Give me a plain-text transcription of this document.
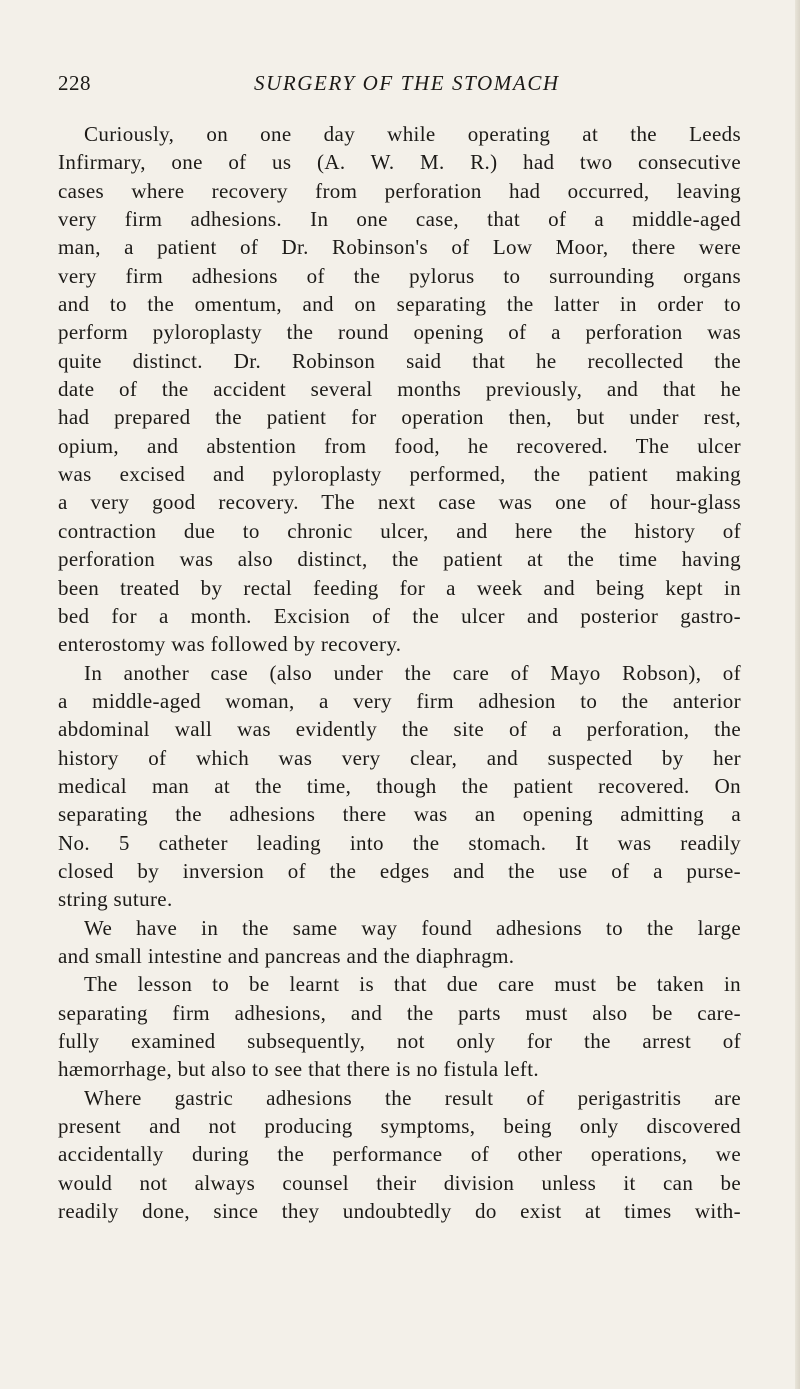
228	SURGERY OF THE STOMACH
Curiously, on one day while operating at the Leeds
Infirmary, one of us (A. W. M. R.) had two consecutive
cases where recovery from perforation had occurred, leaving
very firm adhesions. In one case, that of a middle-aged
man, a patient of Dr. Robinson's of Low Moor, there were
very firm adhesions of the pylorus to surrounding organs
and to the omentum, and on separating the latter in order to
perform pyloroplasty the round opening of a perforation was
quite distinct. Dr. Robinson said that he recollected the
date of the accident several months previously, and that he
had prepared the patient for operation then, but under rest,
opium, and abstention from food, he recovered. The ulcer
was excised and pyloroplasty performed, the patient making
a very good recovery. The next case was one of hour-glass
contraction due to chronic ulcer, and here the history of
perforation was also distinct, the patient at the time having
been treated by rectal feeding for a week and being kept in
bed for a month. Excision of the ulcer and posterior gastro-
enterostomy was followed by recovery.
In another case (also under the care of Mayo Robson), of
a middle-aged woman, a very firm adhesion to the anterior
abdominal wall was evidently the site of a perforation, the
history of which was very clear, and suspected by her
medical man at the time, though the patient recovered. On
separating the adhesions there was an opening admitting a
No. 5 catheter leading into the stomach. It was readily
closed by inversion of the edges and the use of a purse-
string suture.
We have in the same way found adhesions to the large
and small intestine and pancreas and the diaphragm.
The lesson to be learnt is that due care must be taken in
separating firm adhesions, and the parts must also be care-
fully examined subsequently, not only for the arrest of
hæmorrhage, but also to see that there is no fistula left.
Where gastric adhesions the result of perigastritis are
present and not producing symptoms, being only discovered
accidentally during the performance of other operations, we
would not always counsel their division unless it can be
readily done, since they undoubtedly do exist at times with-
